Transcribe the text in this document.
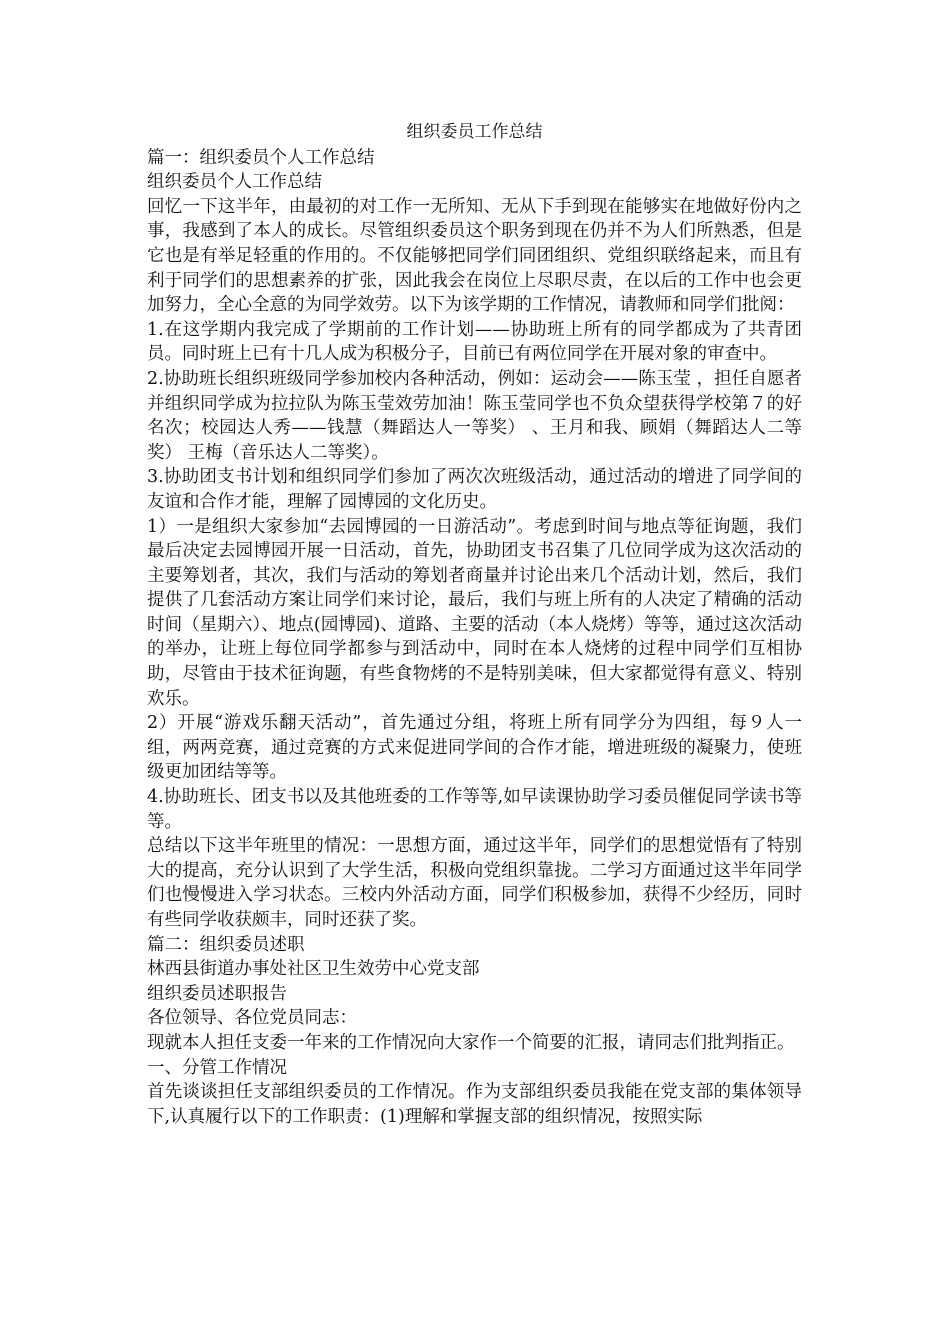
组织委员工作总结

篇一：组织委员个人工作总结

组织委员个人工作总结

回忆一下这半年，由最初的对工作一无所知、无从下手到现在能够实在地做好份内之事，我感到了本人的成长。尽管组织委员这个职务到现在仍并不为人们所熟悉，但是它也是有举足轻重的作用的。不仅能够把同学们同团组织、党组织联络起来，而且有利于同学们的思想素养的扩张，因此我会在岗位上尽职尽责，在以后的工作中也会更加努力，全心全意的为同学效劳。以下为该学期的工作情况，请教师和同学们批阅：

1.在这学期内我完成了学期前的工作计划——协助班上所有的同学都成为了共青团员。同时班上已有十几人成为积极分子，目前已有两位同学在开展对象的审查中。

2.协助班长组织班级同学参加校内各种活动，例如：运动会——陈玉莹 ，担任自愿者并组织同学成为拉拉队为陈玉莹效劳加油！陈玉莹同学也不负众望获得学校第７的好名次；校园达人秀——钱慧（舞蹈达人一等奖） 、王月和我、顾娟（舞蹈达人二等奖） 王梅（音乐达人二等奖）。

3.协助团支书计划和组织同学们参加了两次次班级活动，通过活动的增进了同学间的友谊和合作才能，理解了园博园的文化历史。

1）一是组织大家参加“去园博园的一日游活动”。考虑到时间与地点等征询题，我们最后决定去园博园开展一日活动，首先，协助团支书召集了几位同学成为这次活动的主要筹划者，其次，我们与活动的筹划者商量并讨论出来几个活动计划，然后，我们提供了几套活动方案让同学们来讨论，最后，我们与班上所有的人决定了精确的活动时间（星期六）、地点(园博园)、道路、主要的活动（本人烧烤）等等，通过这次活动的举办，让班上每位同学都参与到活动中，同时在本人烧烤的过程中同学们互相协助，尽管由于技术征询题，有些食物烤的不是特别美味，但大家都觉得有意义、特别欢乐。

2）开展“游戏乐翻天活动”，首先通过分组，将班上所有同学分为四组，每９人一组，两两竞赛，通过竞赛的方式来促进同学间的合作才能，增进班级的凝聚力，使班级更加团结等等。

4.协助班长、团支书以及其他班委的工作等等,如早读课协助学习委员催促同学读书等等。

总结以下这半年班里的情况：一思想方面，通过这半年，同学们的思想觉悟有了特别大的提高，充分认识到了大学生活，积极向党组织靠拢。二学习方面通过这半年同学们也慢慢进入学习状态。三校内外活动方面，同学们积极参加，获得不少经历，同时有些同学收获颇丰，同时还获了奖。

篇二：组织委员述职

林西县街道办事处社区卫生效劳中心党支部

组织委员述职报告

各位领导、各位党员同志：

现就本人担任支委一年来的工作情况向大家作一个简要的汇报，请同志们批判指正。

一、分管工作情况

首先谈谈担任支部组织委员的工作情况。作为支部组织委员我能在党支部的集体领导下,认真履行以下的工作职责：(1)理解和掌握支部的组织情况，按照实际
